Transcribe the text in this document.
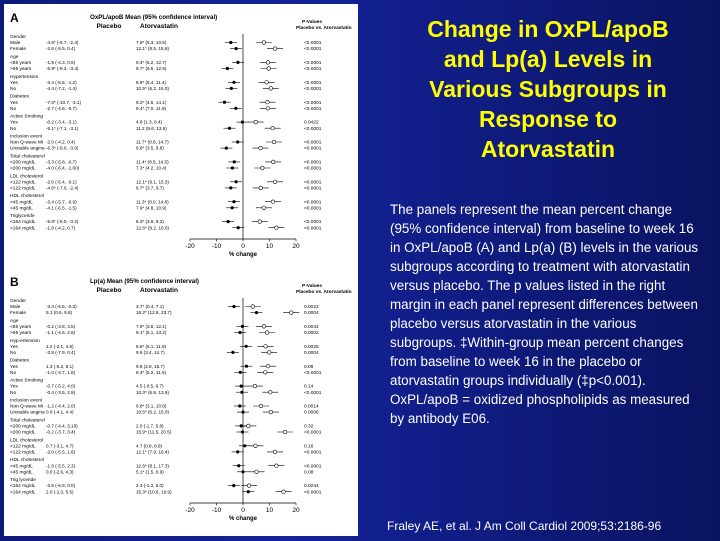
Change in OxPL/apoB
and Lp(a) Levels in
Various Subgroups in
Response to
Atorvastatin

The panels represent the mean percent change (95% confidence interval) from baseline to week 16 in OxPL/apoB (A) and Lp(a) (B) levels in the various subgroups according to treatment with atorvastatin versus placebo. The p values listed in the right margin in each panel represent differences between placebo versus atorvastatin in the various subgroups. ‡Within-group mean percent changes from baseline to week 16 in the placebo or atorvastatin groups individually (‡p<0.001).

OxPL/apoB = oxidized phospholipids as measured by antibody E06.

Fraley AE, et al. J Am Coll Cardiol 2009;53:2186-96
A	OxPL/apoB Mean (95% confidence interval)
Placebo	Atorvastatin
P-Values
Placebo vs. Atorvastatin
Gender
Male	-4.6* (-6.7, -2.4)	7.9* (5.3, 10.6)	<0.0001
Female	-2.6 (-5.5, 0.4)	12.1* (8.5, 15.9)	<0.0001
Age
<65 years	-1.9 (-4.3, 0.6)	9.4* (6.2, 12.7)	<0.0001
>65 years	-5.9* (-8.3, -3.4)	9.7* (6.5, 12.9)	<0.0001
Hypertension
Yes	-3.4 (-5.5, -1.2)	8.9* (6.4, 11.4)	<0.0001
No	-4.4 (-7.2, -1.4)	10.5* (6.2, 15.0)	<0.0001
Diabetes
Yes	-7.0* (-10.7, -3.1)	9.2* (4.5, 14.1)	<0.0001
No	-2.7 (-4.6, -0.7)	9.4* (7.0, 11.9)	<0.0001
Active Smoking
Yes	-0.2 (-3.4, -3.1)	4.8 (1.3, 8.4)	0.0422
No	-5.1* (-7.1, -3.1)	11.2 (8.6, 13.9)	<0.0001
Inclusion event
Non Q-wave MI -2.0 (-4.2, 0.4)	11.7* (8.8, 14.7)	<0.0001
Unstable angina -6.3* (-9.0, -3.6)	6.6* (3.5, 9.8)	<0.0001
Total cholesterol
<200 mg/dL -3.3 (-5.8, -0.7)	11.4* (8.5, 14.5)	<0.0001
>200 mg/dL -4.0 (-6.4, -1.60)	7.3* (4.2, 10.4)	<0.0001
LDL cholesterol
<122 mg/dL -2.6 (-5.4, -0.1)	12.1* (9.1, 15.3)	<0.0001
>122 mg/dL -4.6* (-7.0, -2.4)	6.7* (3.7, 9.7)	<0.0001
HDL cholesterol
<45 mg/dL	-3.4 (-5.7, -0.9)	11.3* (8.0, 14.8)	<0.0001
>45 mg/dL	-4.1 (-6.5, -1.5)	7.9* (4.8, 10.9)	<0.0001
Triglyceride
<164 mg/dL -5.6* (-8.0, -3.2)	6.3* (3.6, 9.2)	<0.0001
>164 mg/dL -1.8 (-4.2, 0.7)	12.6* (9.2, 16.0)	<0.0001
-20	-10	0	10	20
% change
B	Lp(a) Mean (95% confidence interval)
Placebo	Atorvastatin
P-Values
Placebo vs. Atorvastatin
Gender
Male	-3.4 (-6.5, -0.3)	3.7* (0.4, 7.1)	0.0022
Female	5.1 (0.6, 9.8)	18.2* (12.8, 23.7)	0.0004
Age
<65 years	-0.2 (-3.8, 3.5)	7.9* (3.8, 12.1)	0.0044
>65 years	-1.1 (-4.6, 2.6)	9.1* (5.1, 13.2)	0.0002
Hyp-ertension
Yes	1.2 (-2.1, 4.5)	8.5* (5.1, 11.9)	0.0025
No	-3.8 (-7.9, 0.4)	9.9 (3.4, 14.7)	0.0004
Diabetes
Yes	1.3 (-5.2, 8.1)	9.5 (2.8, 16.7)	0.09
No	-1.0 (-3.7, 1.8)	8.4* (5.2, 11.6)	<0.0001
Active Smoking
Yes	-0.7 (-5.2, 4.0)	4.5 (-0.5, 9.7)	0.14
No	-0.4 (-3.5, 2.9)	10.3* (6.8, 13.9)	<0.0001
Inclusion event
Non Q-wave MI -1.2 (-4.4, 2.0)	6.8* (3.1, 10.8)	0.0014
Unstable angina 0.0 (-4.1, 4.4)	10.5* (6.2, 15.0)	0.0006
Total cholesterol
<200 mg/dL -0.7 (-4.4, 3.18)	2.0 (-1.7, 5.8)	0.32
>200 mg/dL -0.2 (-3.7, 3.4)	15.9* (11.5, 20.5)	<0.0001
LDL cholesterol
<122 mg/dL 0.7 (-3.1, 4.7)	4.7 (0.8, 8.8)	0.16
>122 mg/dL -2.0 (-5.5, 1.6)	12.1* (7.9, 16.4)	<0.0001
HDL cholesterol
<45 mg/dL	-1.6 (-5.5, 2.3)	12.6* (8.1, 17.3)	<0.0001
>45 mg/dL	0.0 (-2.6, 4.3)	5.1* (1.5, 8.9)	0.08
Trig lyceride
<164 mg/dL -3.5 (-6.9, 0.0)	2.3 (-1.3, 6.0)	0.0244
>164 mg/dL 2.0 (-1.3, 5.5)	15.3* (10.9, 19.9)	<0.0001
-20	-10	0	10	20
% change
